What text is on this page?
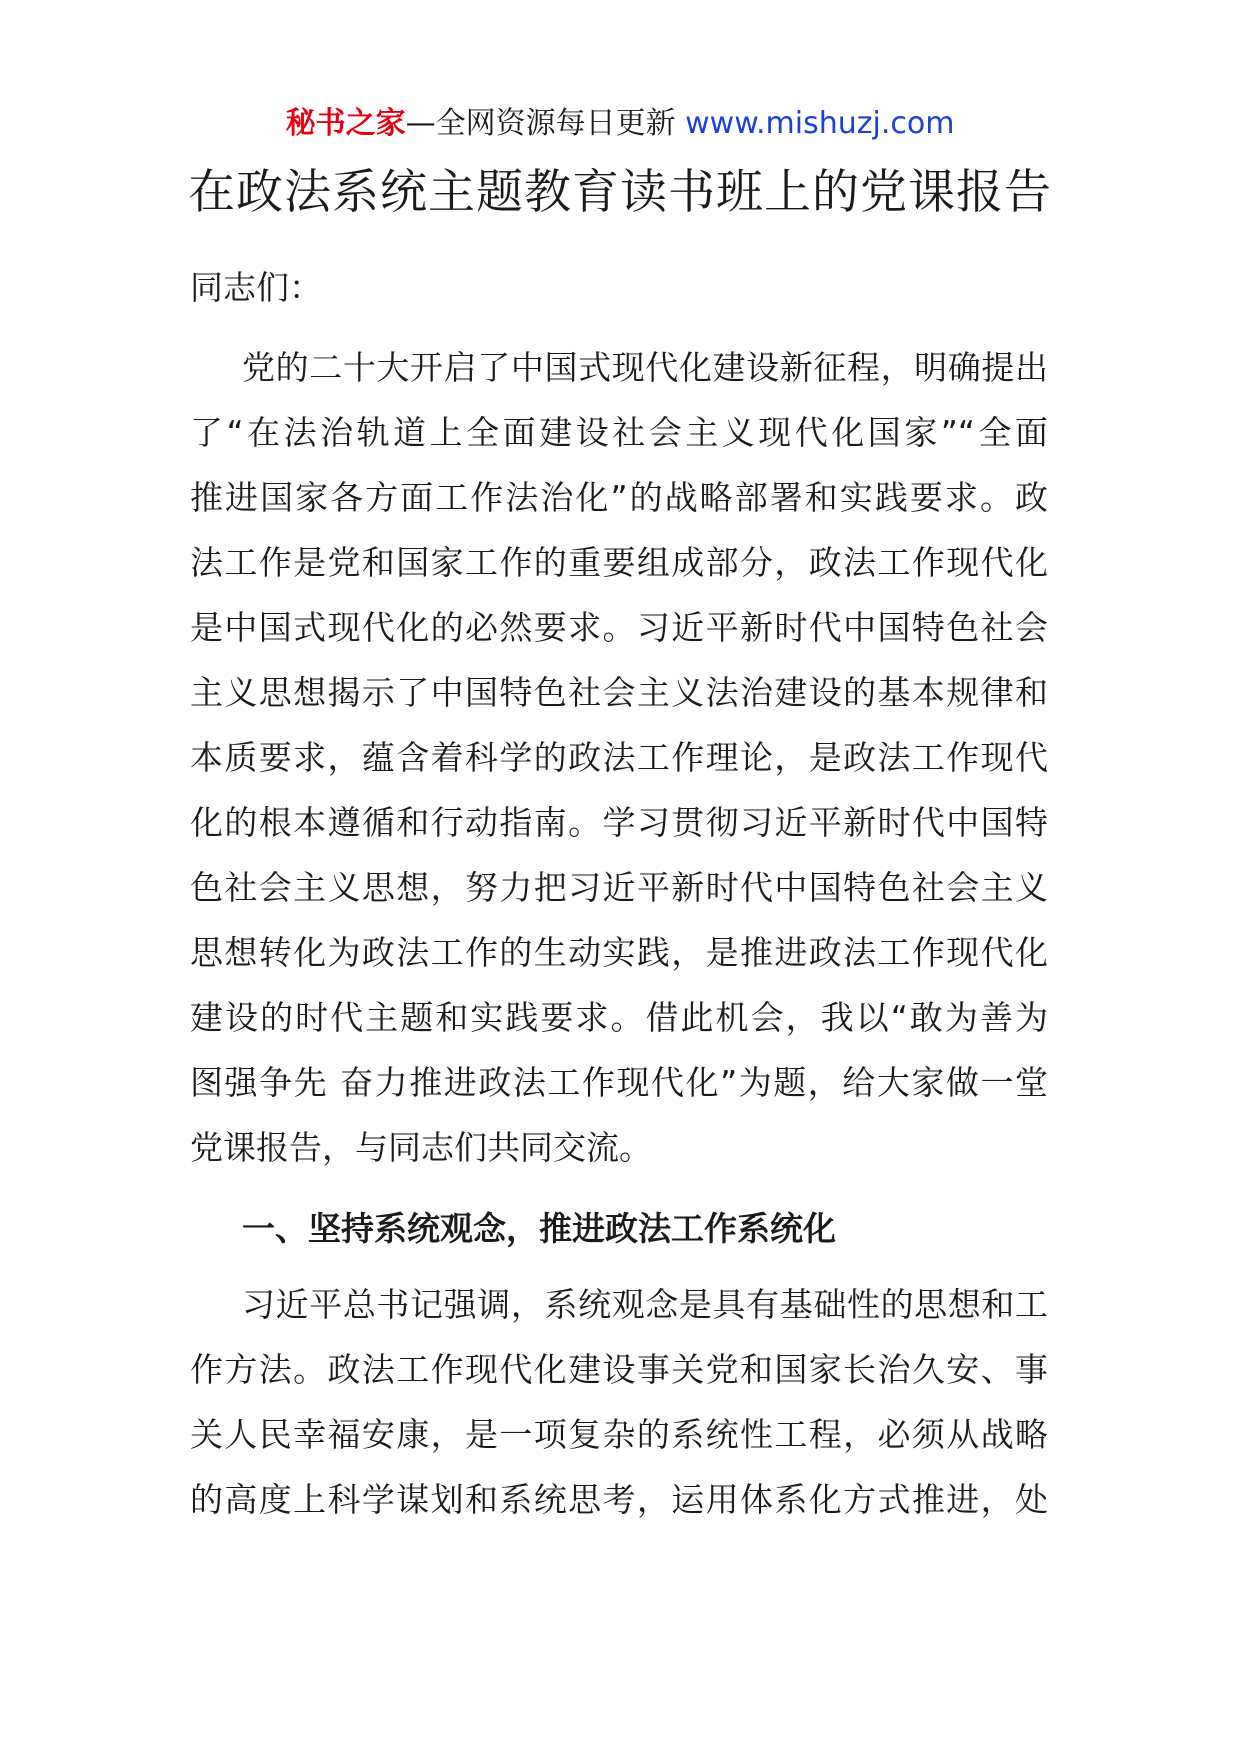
秘书之家—全网资源每日更新 www.mishuzj.com
在政法系统主题教育读书班上的党课报告
同志们：
党的二十大开启了中国式现代化建设新征程，明确提出
了“在法治轨道上全面建设社会主义现代化国家”“全面
推进国家各方面工作法治化”的战略部署和实践要求。政
法工作是党和国家工作的重要组成部分，政法工作现代化
是中国式现代化的必然要求。习近平新时代中国特色社会
主义思想揭示了中国特色社会主义法治建设的基本规律和
本质要求，蕴含着科学的政法工作理论，是政法工作现代
化的根本遵循和行动指南。学习贯彻习近平新时代中国特
色社会主义思想，努力把习近平新时代中国特色社会主义
思想转化为政法工作的生动实践，是推进政法工作现代化
建设的时代主题和实践要求。借此机会，我以“敢为善为
图强争先 奋力推进政法工作现代化”为题，给大家做一堂
党课报告，与同志们共同交流。
一、坚持系统观念，推进政法工作系统化
习近平总书记强调，系统观念是具有基础性的思想和工
作方法。政法工作现代化建设事关党和国家长治久安、事
关人民幸福安康，是一项复杂的系统性工程，必须从战略
的高度上科学谋划和系统思考，运用体系化方式推进，处
